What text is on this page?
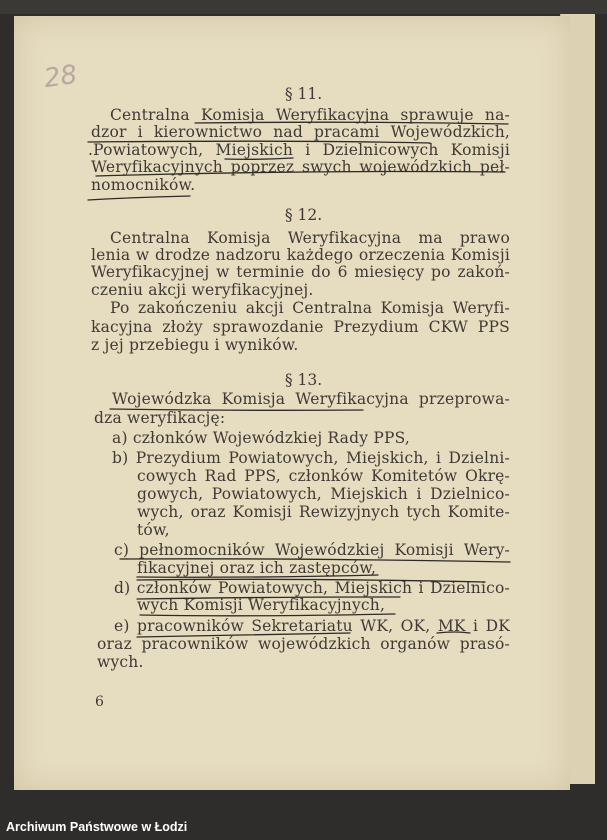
28	§ 11.
Centralna Komisja Weryfikacyjna sprawuje na-
dzor i kierownictwo nad pracami Wojewódzkich,
.Powiatowych, Miejskich i Dzielnicowych Komisji
Weryfikacyjnych poprzez swych wojewódzkich peł-
nomocników.
§ 12.
Centralna Komisja Weryfikacyjna ma prawo
lenia w drodze nadzoru każdego orzeczenia Komisji
Weryfikacyjnej w terminie do 6 miesięcy po zakoń-
czeniu akcji weryfikacyjnej.
Po zakończeniu akcji Centralna Komisja Weryfi-
kacyjna złoży sprawozdanie Prezydium CKW PPS
z jej przebiegu i wyników.
§ 13.
Wojewódzka Komisja Weryfikacyjna przeprowa-
dza weryfikację:
a) członków Wojewódzkiej Rady PPS,
b) Prezydium Powiatowych, Miejskich, i Dzielni-
cowych Rad PPS, członków Komitetów Okrę-
gowych, Powiatowych, Miejskich i Dzielnico-
wych, oraz Komisji Rewizyjnych tych Komite-
tów,
c) pełnomocników Wojewódzkiej Komisji Wery-
fikacyjnej oraz ich zastępców,
d) członków Powiatowych, Miejskich i Dzielnico-
wych Komisji Weryfikacyjnych,
e) pracowników Sekretariatu WK, OK, MK i DK
oraz pracowników wojewódzkich organów prasó-
wych.
6
Archiwum Państwowe w Łodzi
